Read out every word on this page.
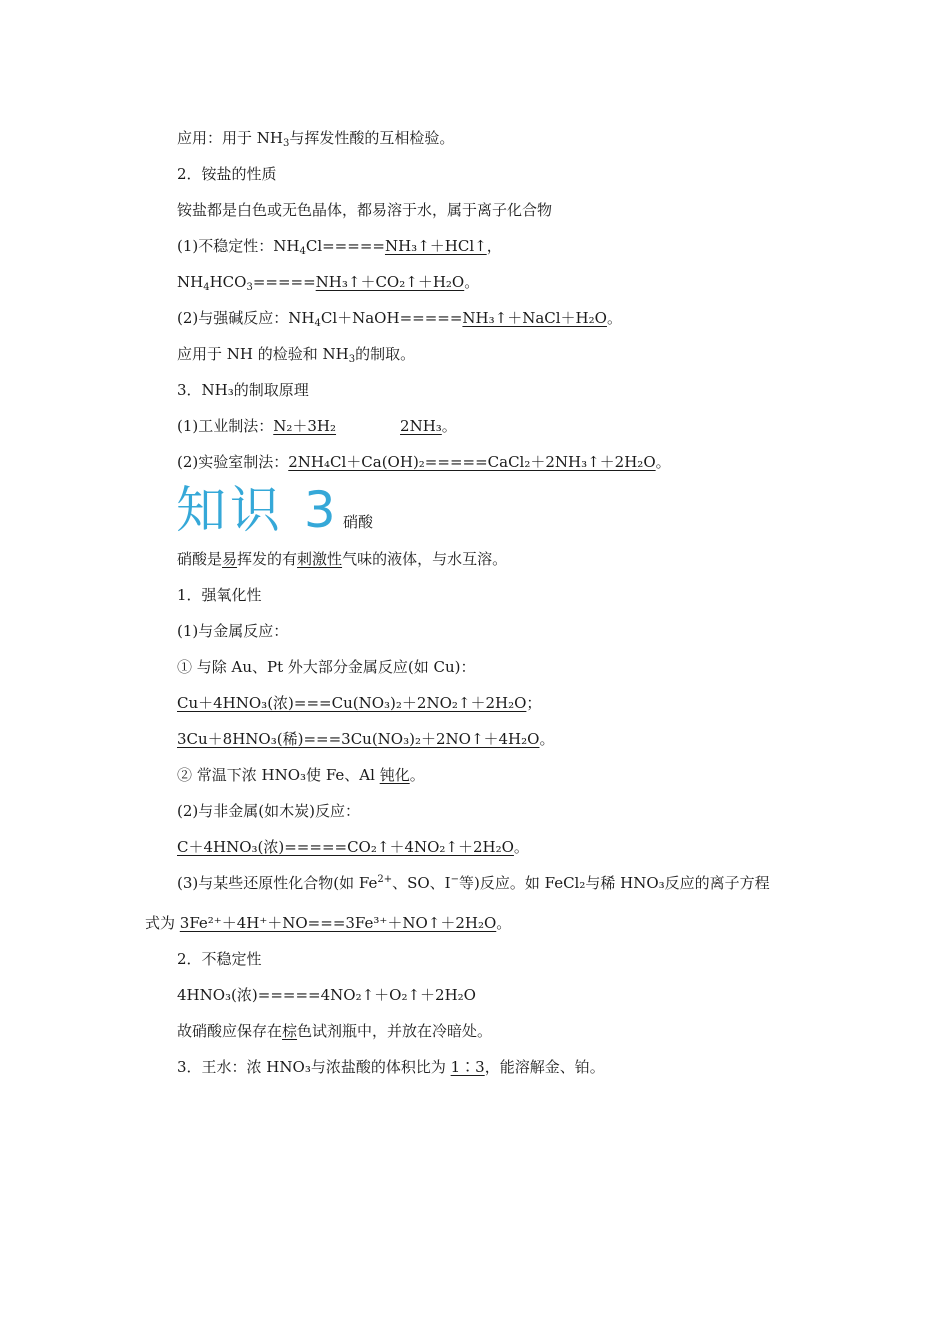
应用：用于 $NH_3$与挥发性酸的互相检验。
2．铵盐的性质
铵盐都是白色或无色晶体，都易溶于水，属于离子化合物
(1)不稳定性：$NH_4Cl=====NH_3↑+HCl↑$，
$NH_4HCO_3=====NH_3↑+CO_2↑+H_2O$。
(2)与强碱反应：$NH_4Cl+NaOH=====NH_3↑+NaCl+H_2O$。
应用于 NH 的检验和 $NH_3$的制取。
3．NH₃的制取原理
(1)工业制法：N₂＋3H₂	2NH₃。
(2)实验室制法：2NH₄Cl＋Ca(OH)₂=====CaCl₂＋2NH₃↑＋2H₂O。
知识 3 硝酸
硝酸是易挥发的有刺激性气味的液体，与水互溶。
1．强氧化性
(1)与金属反应：
① 与除 Au、Pt 外大部分金属反应(如 Cu)：
Cu＋4HNO₃(浓)===Cu(NO₃)₂＋2NO₂↑＋2H₂O；
3Cu＋8HNO₃(稀)===3Cu(NO₃)₂＋2NO↑＋4H₂O。
② 常温下浓 HNO₃使 Fe、Al 钝化。
(2)与非金属(如木炭)反应：
C＋4HNO₃(浓)=====CO₂↑＋4NO₂↑＋2H₂O。
(3)与某些还原性化合物(如 $Fe^{2+}$、SO、I−等)反应。如 FeCl₂与稀 HNO₃反应的离子方程
式为 3Fe²⁺＋4H⁺＋NO===3Fe³⁺＋NO↑＋2H₂O。
2．不稳定性
4HNO₃(浓)=====4NO₂↑＋O₂↑＋2H₂O
故硝酸应保存在棕色试剂瓶中，并放在冷暗处。
3．王水：浓 HNO₃与浓盐酸的体积比为 1∶3，能溶解金、铂。
